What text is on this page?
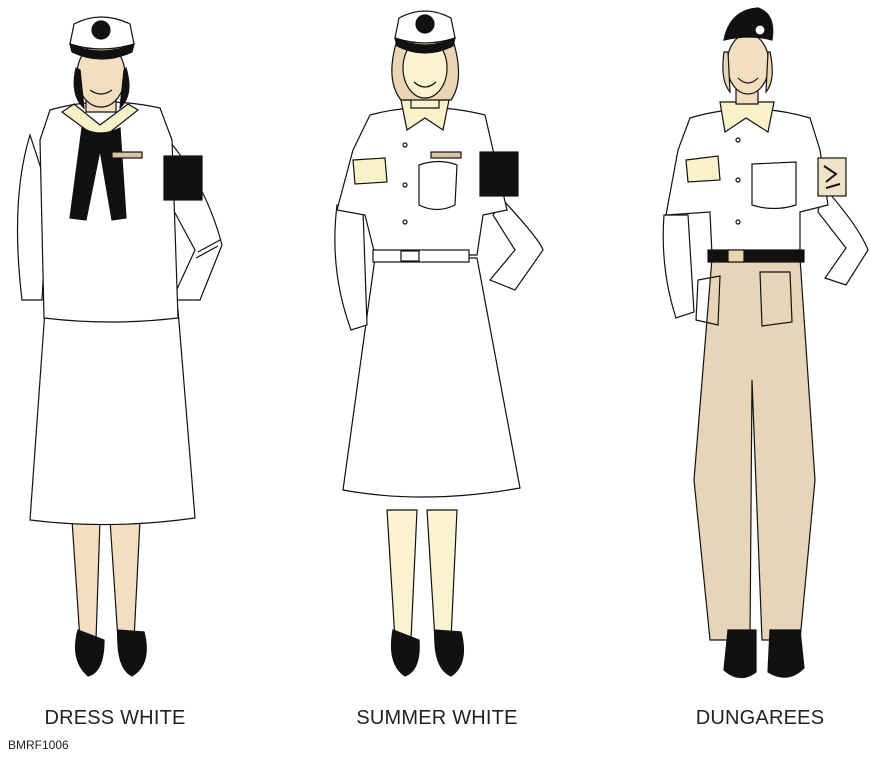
DRESS WHITE	SUMMER WHITE	DUNGAREES
BMRF1006
